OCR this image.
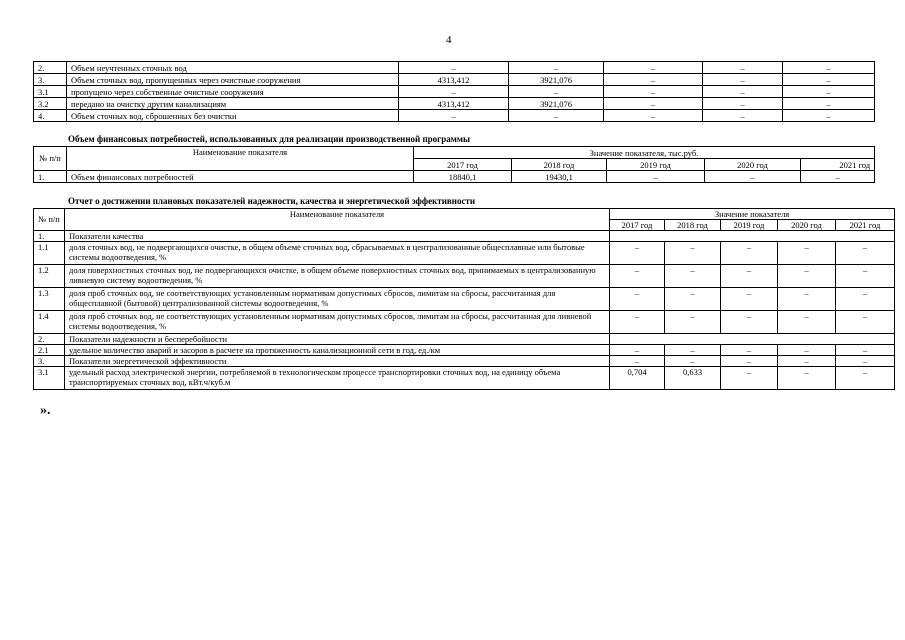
4
2.	Объем неучтенных сточных вод	–	–	–	–	–
3.	Объем сточных вод, пропущенных через очистные сооружения	4313,412	3921,076	–	–	–
3.1	пропущено через собственные очистные сооружения	–	–	–	–	–
3.2	передано на очистку другим канализациям	4313,412	3921,076	–	–	–
4.	Объем сточных вод, сброшенных без очистки	–	–	–	–	–
Объем финансовых потребностей, использованных для реализации производственной программы
№ п/п	Наименование показателя	Значение показателя, тыс.руб.				
		2017 год	2018 год	2019 год	2020 год	2021 год
1.	Объем финансовых потребностей	18840,1	19430,1	–	–	–
Отчет о достижении плановых показателей надежности, качества и энергетической эффективности
№ п/п	Наименование показателя	Значение показателя				
		2017 год	2018 год	2019 год	2020 год	2021 год
1.	Показатели качества					
1.1	доля сточных вод, не подвергающихся очистке, в общем объеме сточных вод, сбрасываемых в централизованные общесплавные или бытовые системы водоотведения, %	–	–	–	–	–
1.2	доля поверхностных сточных вод, не подвергающихся очистке, в общем объеме поверхностных сточных вод, принимаемых в централизованную ливневую систему водоотведения, %	–	–	–	–	–
1.3	доля проб сточных вод, не соответствующих установленным нормативам допустимых сбросов, лимитам на сбросы, рассчитанная для общесплавной (бытовой) централизованной системы водоотведения, %	–	–	–	–	–
1.4	доля проб сточных вод, не соответствующих установленным нормативам допустимых сбросов, лимитам на сбросы, рассчитанная для ливневой системы водоотведения, %	–	–	–	–	–
2.	Показатели надежности и бесперебойности					
2.1	удельное количество аварий и засоров в расчете на протяженность канализационной сети в год, ед./км	–	–	–	–	–
3.	Показатели энергетической эффективности	–	–	–	–	–
3.1	удельный расход электрической энергии, потребляемой в технологическом процессе транспортировки сточных вод, на единицу объема транспортируемых сточных вод, кВт.ч/куб.м	0,704	0,633	–	–	–
».
